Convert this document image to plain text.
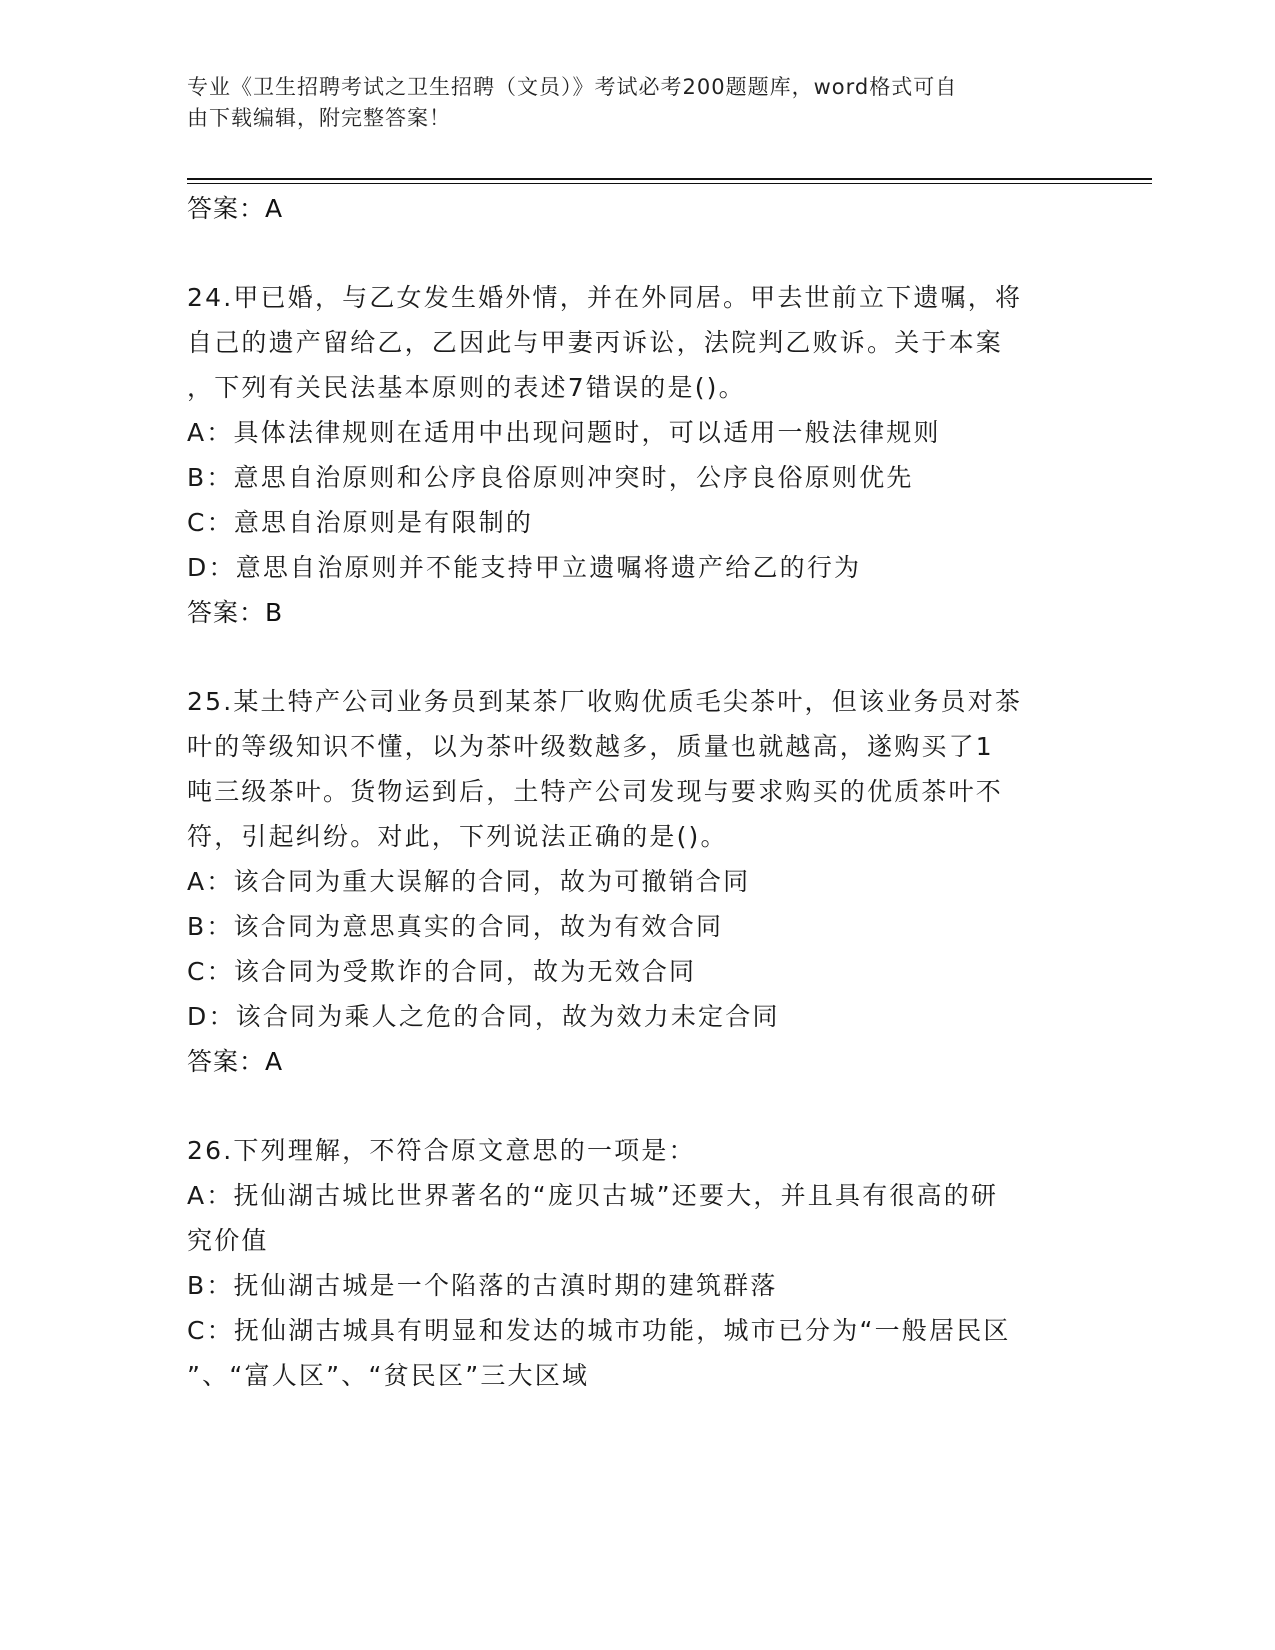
专业《卫生招聘考试之卫生招聘（文员）》考试必考200题题库，word格式可自
由下载编辑，附完整答案！
答案：A
24.甲已婚，与乙女发生婚外情，并在外同居。甲去世前立下遗嘱，将
自己的遗产留给乙，乙因此与甲妻丙诉讼，法院判乙败诉。关于本案
，下列有关民法基本原则的表述7错误的是()。
A：具体法律规则在适用中出现问题时，可以适用一般法律规则
B：意思自治原则和公序良俗原则冲突时，公序良俗原则优先
C：意思自治原则是有限制的
D：意思自治原则并不能支持甲立遗嘱将遗产给乙的行为
答案：B
25.某土特产公司业务员到某茶厂收购优质毛尖茶叶，但该业务员对茶
叶的等级知识不懂，以为茶叶级数越多，质量也就越高，遂购买了1
吨三级茶叶。货物运到后，土特产公司发现与要求购买的优质茶叶不
符，引起纠纷。对此，下列说法正确的是()。
A：该合同为重大误解的合同，故为可撤销合同
B：该合同为意思真实的合同，故为有效合同
C：该合同为受欺诈的合同，故为无效合同
D：该合同为乘人之危的合同，故为效力未定合同
答案：A
26.下列理解，不符合原文意思的一项是：
A：抚仙湖古城比世界著名的“庞贝古城”还要大，并且具有很高的研
究价值
B：抚仙湖古城是一个陷落的古滇时期的建筑群落
C：抚仙湖古城具有明显和发达的城市功能，城市已分为“一般居民区
”、“富人区”、“贫民区”三大区域
